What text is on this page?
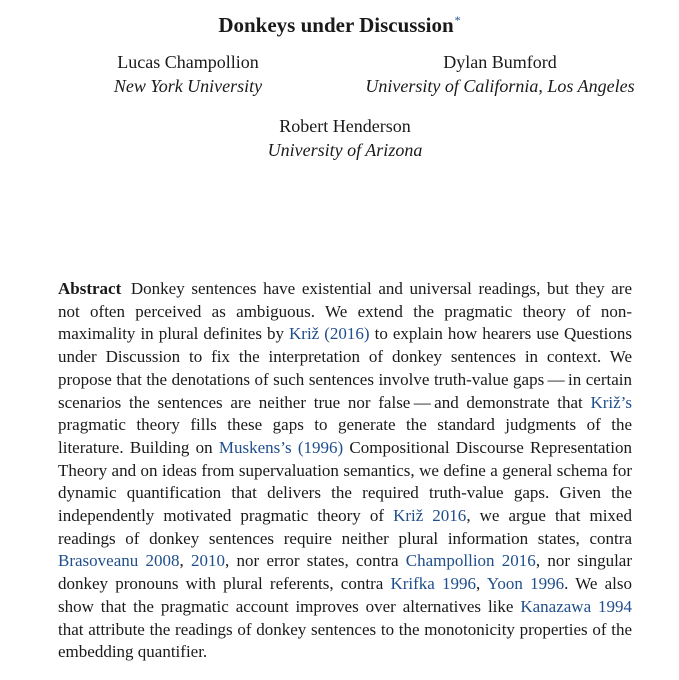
Donkeys under Discussion*
Lucas Champollion
New York University
Dylan Bumford
University of California, Los Angeles
Robert Henderson
University of Arizona
Abstract Donkey sentences have existential and universal readings, but they are not often perceived as ambiguous. We extend the pragmatic theory of non-maximality in plural definites by Križ (2016) to explain how hearers use Questions under Discussion to fix the interpretation of donkey sentences in context. We propose that the denotations of such sentences involve truth-value gaps — in certain scenarios the sentences are neither true nor false — and demonstrate that Križ’s pragmatic theory fills these gaps to generate the standard judgments of the literature. Building on Muskens’s (1996) Compositional Discourse Representation Theory and on ideas from supervaluation semantics, we define a general schema for dynamic quantification that delivers the required truth-value gaps. Given the independently motivated pragmatic theory of Križ 2016, we argue that mixed readings of donkey sentences require neither plural information states, contra Brasoveanu 2008, 2010, nor error states, contra Champollion 2016, nor singular donkey pronouns with plural referents, contra Krifka 1996, Yoon 1996. We also show that the pragmatic account improves over alternatives like Kanazawa 1994 that attribute the readings of donkey sentences to the monotonicity properties of the embedding quantifier.
